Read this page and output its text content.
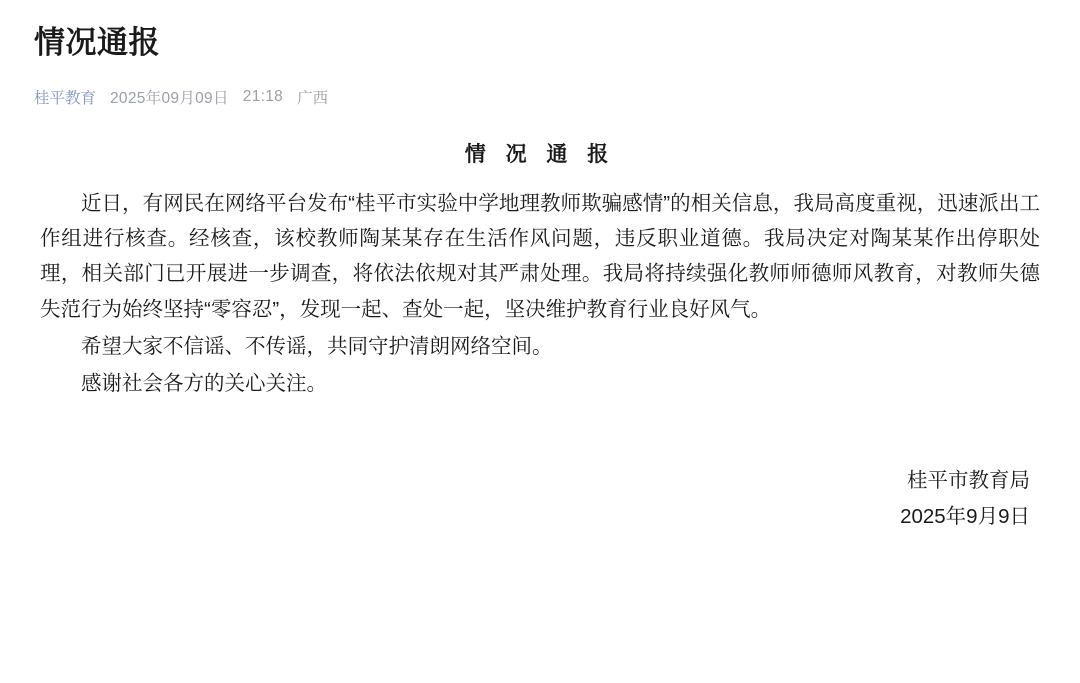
情况通报
桂平教育 2025年09月09日 21:18 广西
情 况 通 报

近日，有网民在网络平台发布“桂平市实验中学地理教师欺骗感情”的相关信息，我局高度重视，迅速派出工作组进行核查。经核查，该校教师陶某某存在生活作风问题，违反职业道德。我局决定对陶某某作出停职处理，相关部门已开展进一步调查，将依法依规对其严肃处理。我局将持续强化教师师德师风教育，对教师失德失范行为始终坚持“零容忍”，发现一起、查处一起，坚决维护教育行业良好风气。

希望大家不信谣、不传谣，共同守护清朗网络空间。

感谢社会各方的关心关注。

桂平市教育局
2025年9月9日
